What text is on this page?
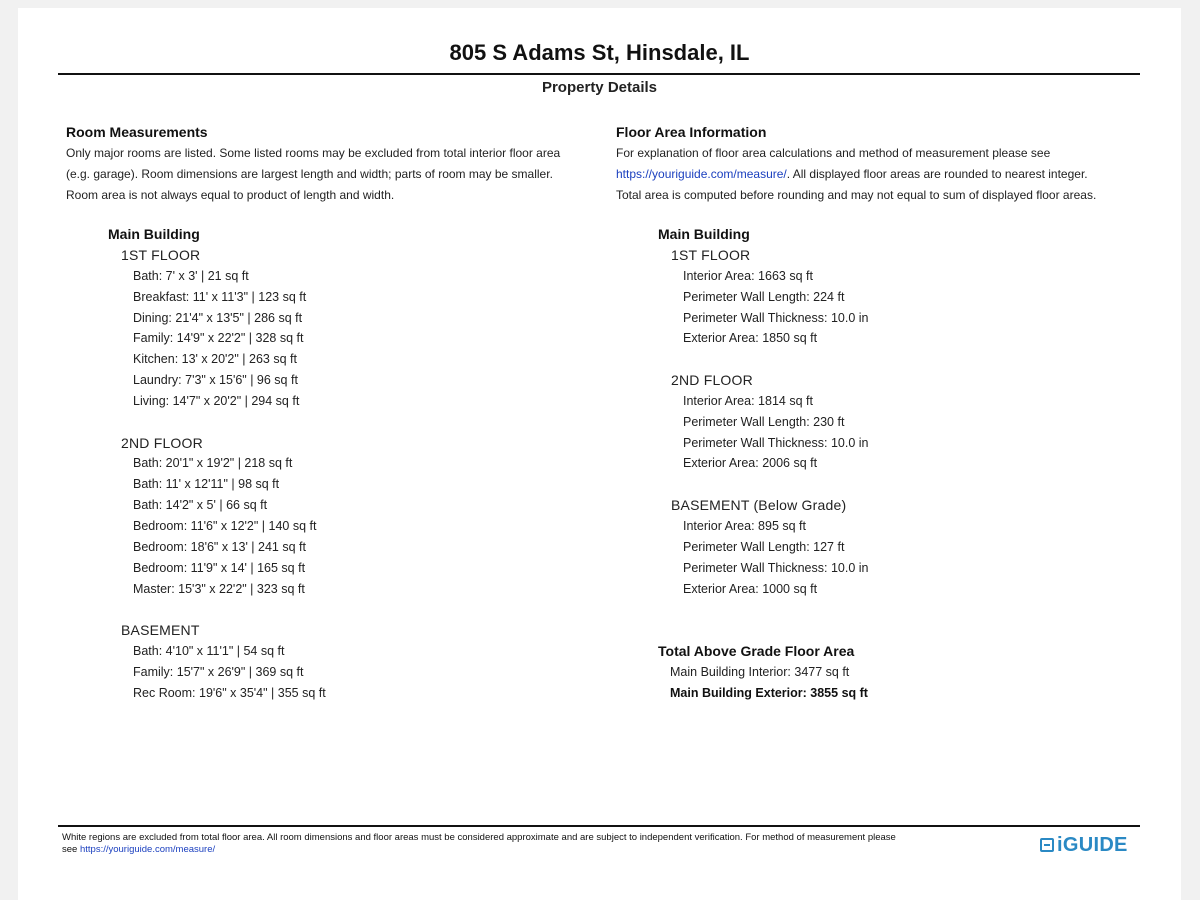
805 S Adams St, Hinsdale, IL
Property Details
Room Measurements
Only major rooms are listed. Some listed rooms may be excluded from total interior floor area
(e.g. garage). Room dimensions are largest length and width; parts of room may be smaller.
Room area is not always equal to product of length and width.
Floor Area Information
For explanation of floor area calculations and method of measurement please see
https://youriguide.com/measure/. All displayed floor areas are rounded to nearest integer.
Total area is computed before rounding and may not equal to sum of displayed floor areas.
Main Building
1ST FLOOR
Bath: 7' x 3' | 21 sq ft
Breakfast: 11' x 11'3" | 123 sq ft
Dining: 21'4" x 13'5" | 286 sq ft
Family: 14'9" x 22'2" | 328 sq ft
Kitchen: 13' x 20'2" | 263 sq ft
Laundry: 7'3" x 15'6" | 96 sq ft
Living: 14'7" x 20'2" | 294 sq ft
2ND FLOOR
Bath: 20'1" x 19'2" | 218 sq ft
Bath: 11' x 12'11" | 98 sq ft
Bath: 14'2" x 5' | 66 sq ft
Bedroom: 11'6" x 12'2" | 140 sq ft
Bedroom: 18'6" x 13' | 241 sq ft
Bedroom: 11'9" x 14' | 165 sq ft
Master: 15'3" x 22'2" | 323 sq ft
BASEMENT
Bath: 4'10" x 11'1" | 54 sq ft
Family: 15'7" x 26'9" | 369 sq ft
Rec Room: 19'6" x 35'4" | 355 sq ft
Main Building
1ST FLOOR
Interior Area: 1663 sq ft
Perimeter Wall Length: 224 ft
Perimeter Wall Thickness: 10.0 in
Exterior Area: 1850 sq ft
2ND FLOOR
Interior Area: 1814 sq ft
Perimeter Wall Length: 230 ft
Perimeter Wall Thickness: 10.0 in
Exterior Area: 2006 sq ft
BASEMENT (Below Grade)
Interior Area: 895 sq ft
Perimeter Wall Length: 127 ft
Perimeter Wall Thickness: 10.0 in
Exterior Area: 1000 sq ft
Total Above Grade Floor Area
Main Building Interior: 3477 sq ft
Main Building Exterior: 3855 sq ft
White regions are excluded from total floor area. All room dimensions and floor areas must be considered approximate and are subject to independent verification. For method of measurement please
see https://youriguide.com/measure/	iGUIDE
